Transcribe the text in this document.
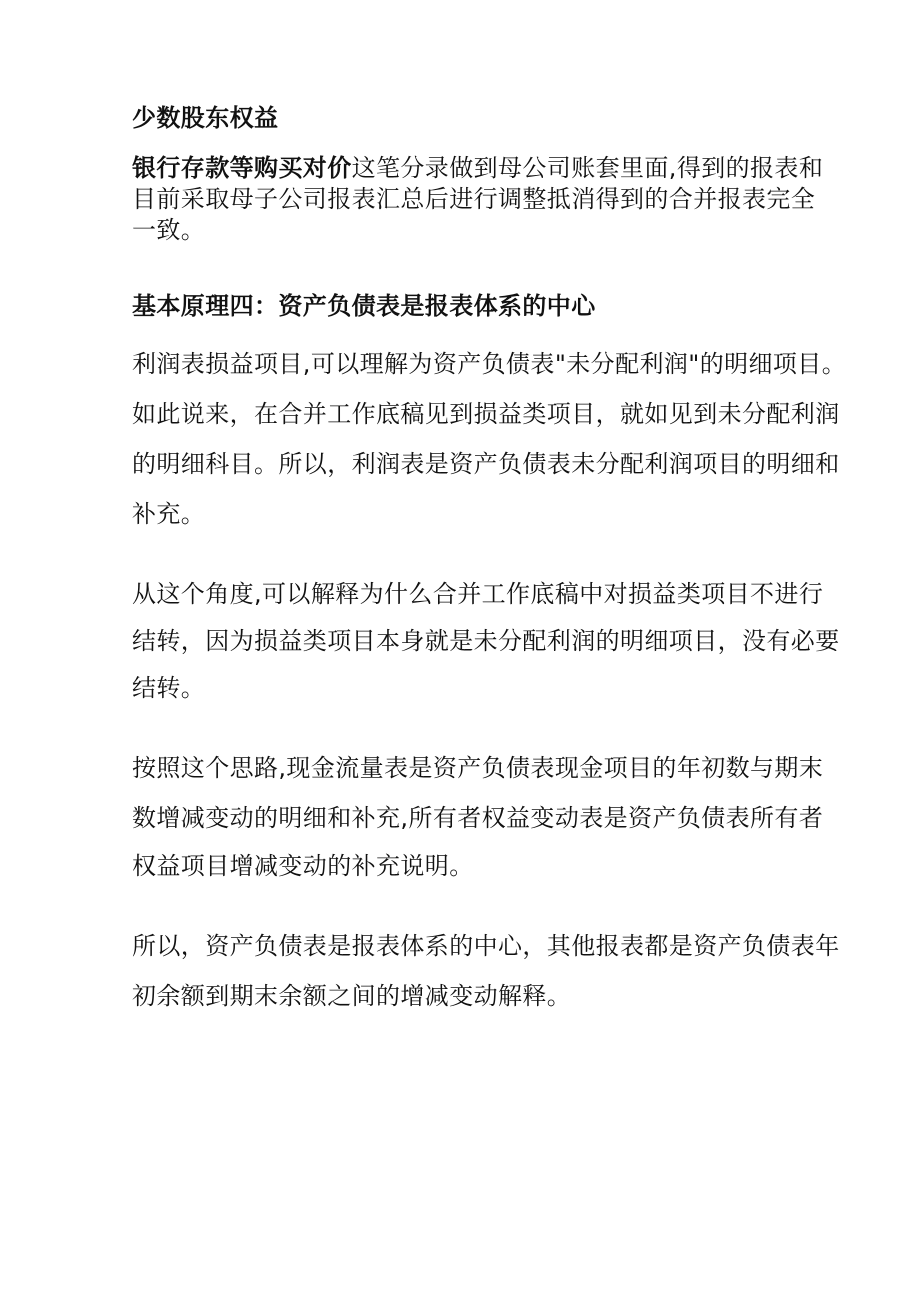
少数股东权益
银行存款等购买对价这笔分录做到母公司账套里面,得到的报表和
目前采取母子公司报表汇总后进行调整抵消得到的合并报表完全
一致。
基本原理四：资产负债表是报表体系的中心
利润表损益项目,可以理解为资产负债表"未分配利润"的明细项目。
如此说来，在合并工作底稿见到损益类项目，就如见到未分配利润
的明细科目。所以，利润表是资产负债表未分配利润项目的明细和
补充。
从这个角度,可以解释为什么合并工作底稿中对损益类项目不进行
结转，因为损益类项目本身就是未分配利润的明细项目，没有必要
结转。
按照这个思路,现金流量表是资产负债表现金项目的年初数与期末
数增减变动的明细和补充,所有者权益变动表是资产负债表所有者
权益项目增减变动的补充说明。
所以，资产负债表是报表体系的中心，其他报表都是资产负债表年
初余额到期末余额之间的增减变动解释。
